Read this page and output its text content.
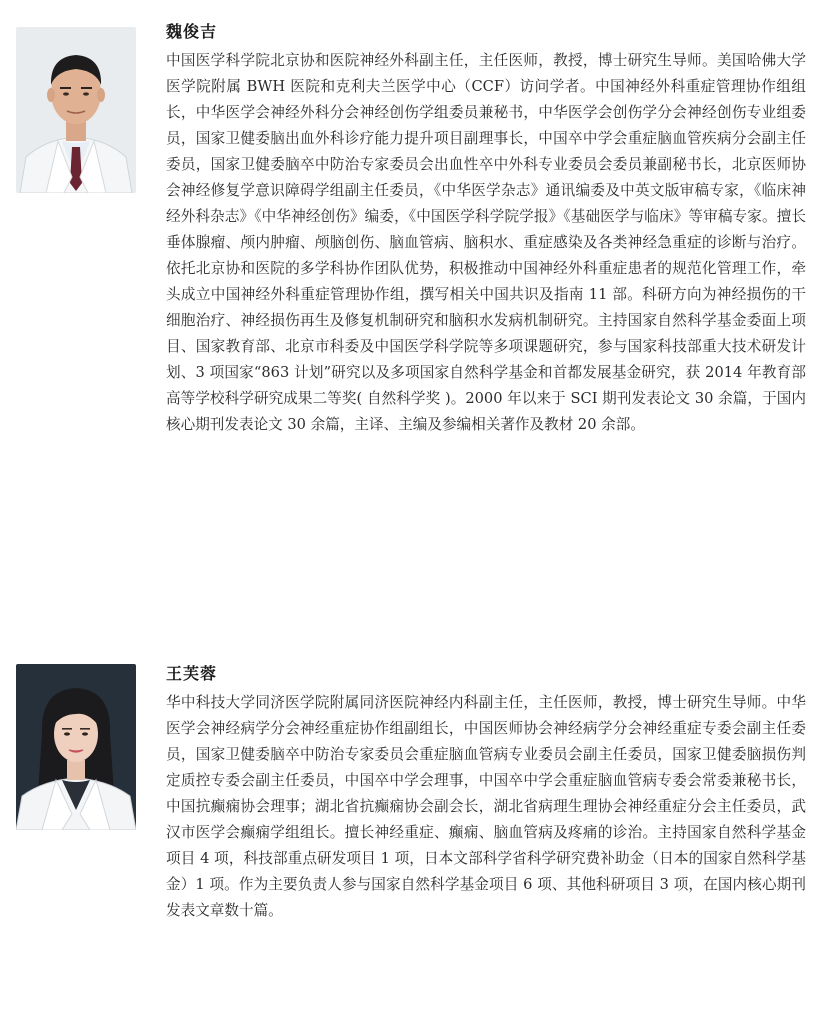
魏俊吉

中国医学科学院北京协和医院神经外科副主任，主任医师，教授，博士研究生导师。美国哈佛大学医学院附属 BWH 医院和克利夫兰医学中心（CCF）访问学者。中国神经外科重症管理协作组组长，中华医学会神经外科分会神经创伤学组委员兼秘书，中华医学会创伤学分会神经创伤专业组委员，国家卫健委脑出血外科诊疗能力提升项目副理事长，中国卒中学会重症脑血管疾病分会副主任委员，国家卫健委脑卒中防治专家委员会出血性卒中外科专业委员会委员兼副秘书长，北京医师协会神经修复学意识障碍学组副主任委员，《中华医学杂志》通讯编委及中英文版审稿专家，《临床神经外科杂志》《中华神经创伤》编委，《中国医学科学院学报》《基础医学与临床》等审稿专家。擅长垂体腺瘤、颅内肿瘤、颅脑创伤、脑血管病、脑积水、重症感染及各类神经急重症的诊断与治疗。依托北京协和医院的多学科协作团队优势，积极推动中国神经外科重症患者的规范化管理工作，牵头成立中国神经外科重症管理协作组，撰写相关中国共识及指南 11 部。科研方向为神经损伤的干细胞治疗、神经损伤再生及修复机制研究和脑积水发病机制研究。主持国家自然科学基金委面上项目、国家教育部、北京市科委及中国医学科学院等多项课题研究，参与国家科技部重大技术研发计划、3 项国家“863 计划”研究以及多项国家自然科学基金和首都发展基金研究，获 2014 年教育部高等学校科学研究成果二等奖( 自然科学奖 )。2000 年以来于 SCI 期刊发表论文 30 余篇，于国内核心期刊发表论文 30 余篇，主译、主编及参编相关著作及教材 20 余部。

王芙蓉

华中科技大学同济医学院附属同济医院神经内科副主任，主任医师，教授，博士研究生导师。中华医学会神经病学分会神经重症协作组副组长，中国医师协会神经病学分会神经重症专委会副主任委员，国家卫健委脑卒中防治专家委员会重症脑血管病专业委员会副主任委员，国家卫健委脑损伤判定质控专委会副主任委员，中国卒中学会理事，中国卒中学会重症脑血管病专委会常委兼秘书长，中国抗癫痫协会理事；湖北省抗癫痫协会副会长，湖北省病理生理协会神经重症分会主任委员，武汉市医学会癫痫学组组长。擅长神经重症、癫痫、脑血管病及疼痛的诊治。主持国家自然科学基金项目 4 项，科技部重点研发项目 1 项，日本文部科学省科学研究费补助金（日本的国家自然科学基金）1 项。作为主要负责人参与国家自然科学基金项目 6 项、其他科研项目 3 项，在国内核心期刊发表文章数十篇。
